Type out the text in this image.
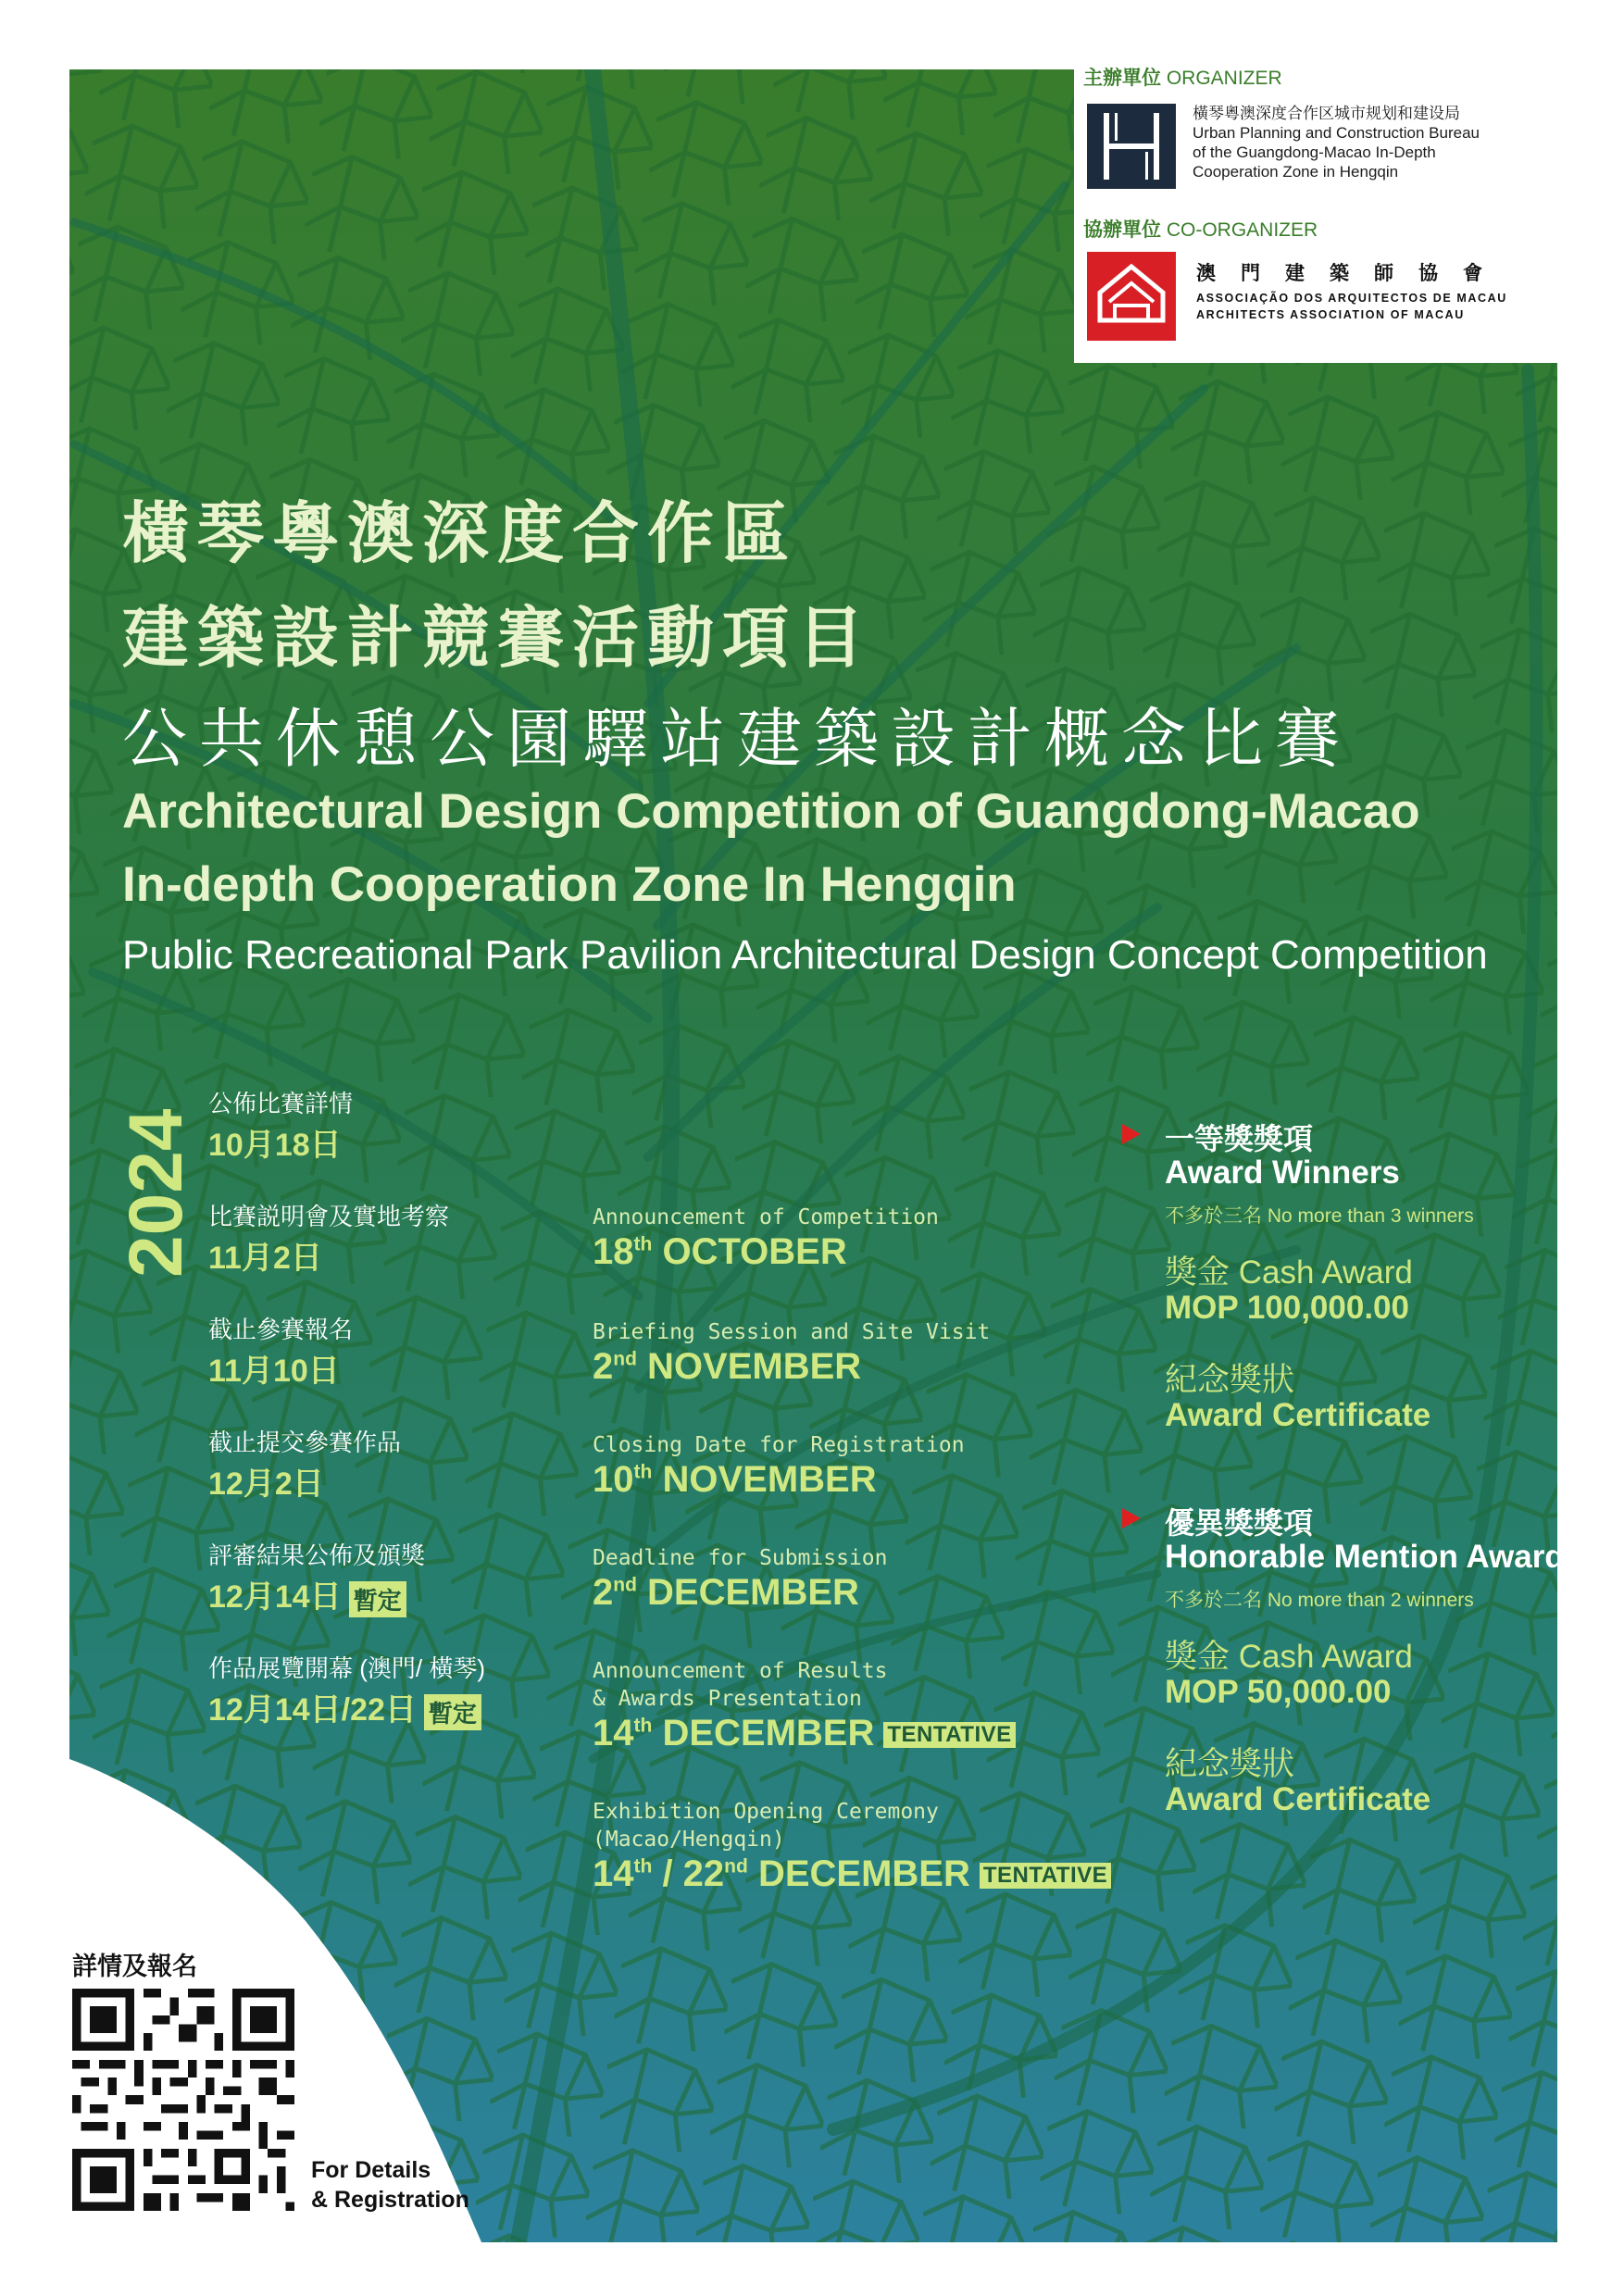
主辦單位 ORGANIZER
橫琴粵澳深度合作区城市规划和建设局
Urban Planning and Construction Bureau
of the Guangdong-Macao In-Depth
Cooperation Zone in Hengqin
協辦單位 CO-ORGANIZER
澳門建築師協會
ASSOCIAÇÃO DOS ARQUITECTOS DE MACAU
ARCHITECTS ASSOCIATION OF MACAU
橫琴粵澳深度合作區
建築設計競賽活動項目
公共休憩公園驛站建築設計概念比賽
Architectural Design Competition of Guangdong-Macao
In-depth Cooperation Zone In Hengqin
Public Recreational Park Pavilion Architectural Design Concept Competition
2024
公佈比賽詳情
10月18日
比賽説明會及實地考察
11月2日
截止參賽報名
11月10日
截止提交參賽作品
12月2日
評審結果公佈及頒獎
12月14日 暫定
作品展覽開幕 (澳門/ 橫琴)
12月14日/22日 暫定
Announcement of Competition
18th OCTOBER
Briefing Session and Site Visit
2nd NOVEMBER
Closing Date for Registration
10th NOVEMBER
Deadline for Submission
2nd DECEMBER
Announcement of Results
& Awards Presentation
14th DECEMBER TENTATIVE
Exhibition Opening Ceremony
(Macao/Hengqin)
14th / 22nd DECEMBER TENTATIVE
一等獎獎項
Award Winners
不多於三名 No more than 3 winners
獎金 Cash Award
MOP 100,000.00
紀念獎狀
Award Certificate
優異獎獎項
Honorable Mention Award
不多於二名 No more than 2 winners
獎金 Cash Award
MOP 50,000.00
紀念獎狀
Award Certificate
詳情及報名
For Details
& Registration
